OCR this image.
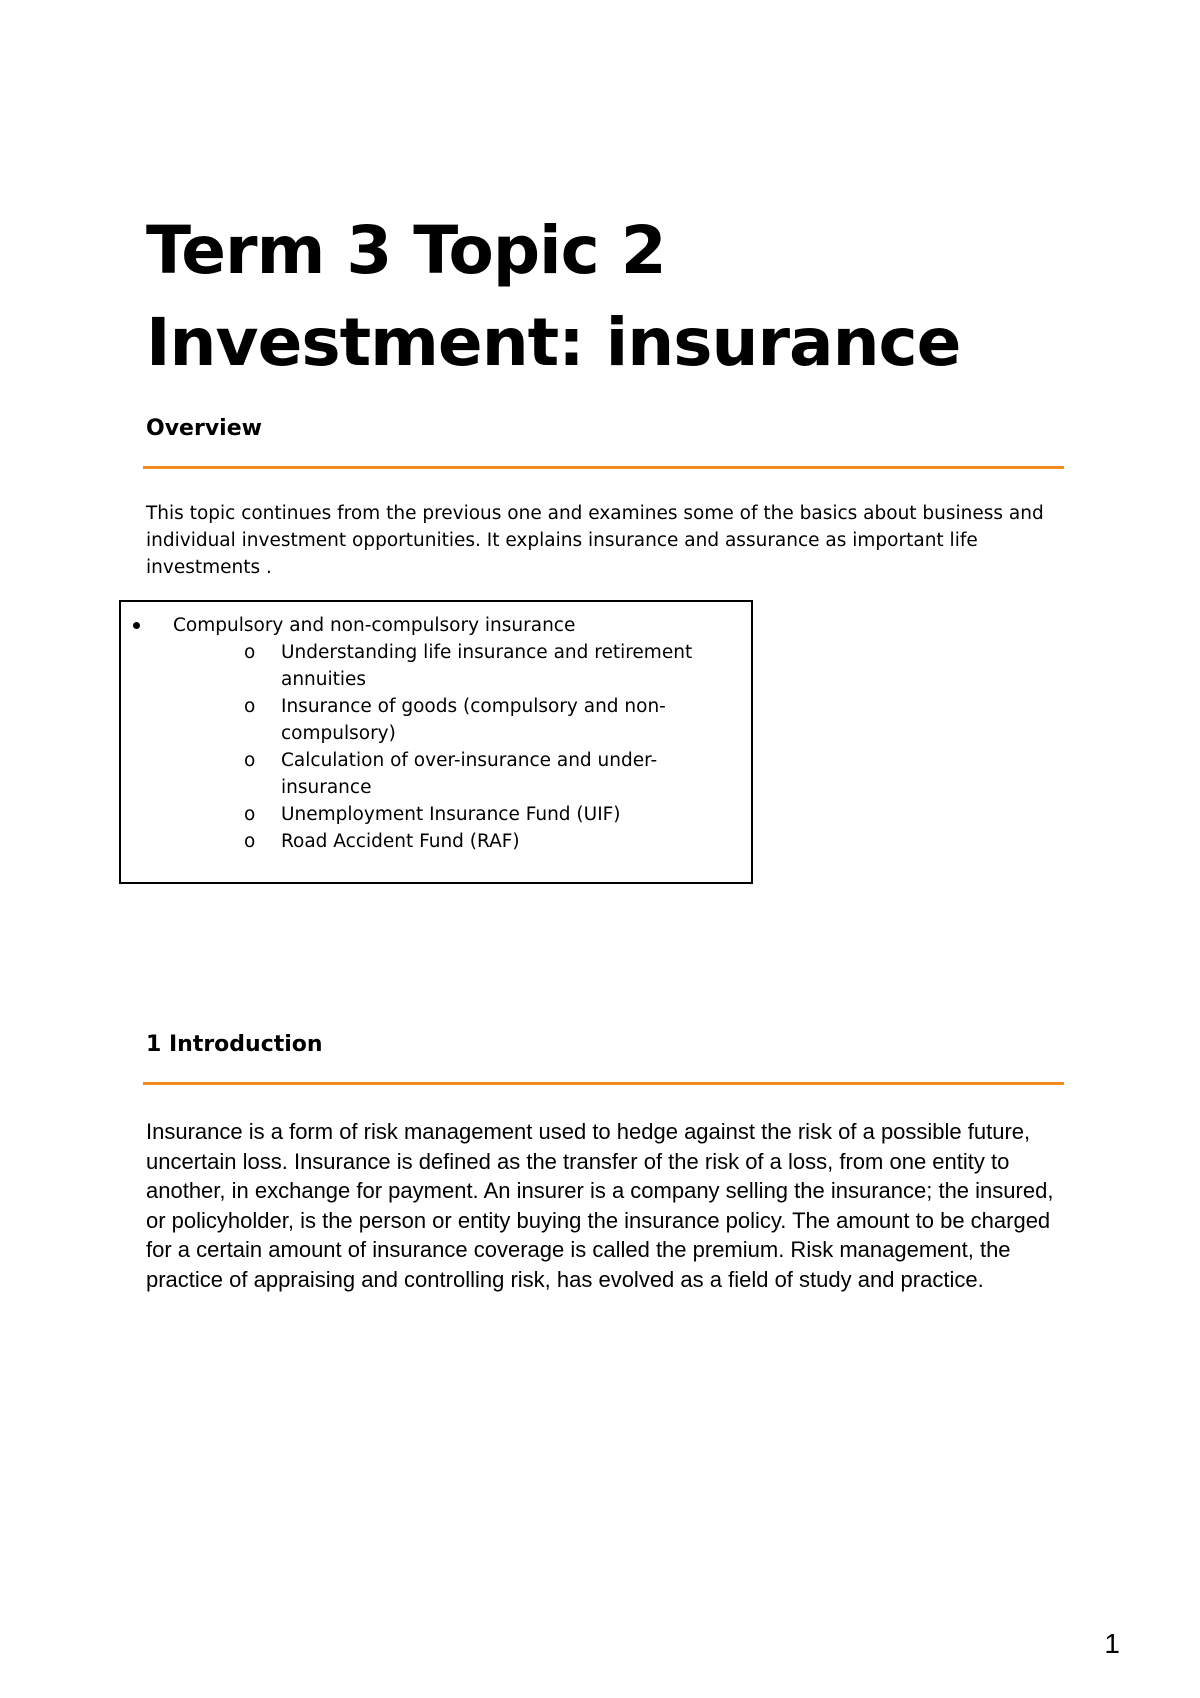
Term 3 Topic 2 Investment: insurance
Overview

This topic continues from the previous one and examines some of the basics about business and individual investment opportunities. It explains insurance and assurance as important life investments .

Compulsory and non-compulsory insurance
o Understanding life insurance and retirement annuities
o Insurance of goods (compulsory and non-compulsory)
o Calculation of over-insurance and under-insurance
o Unemployment Insurance Fund (UIF)
o Road Accident Fund (RAF)
1 Introduction

Insurance is a form of risk management used to hedge against the risk of a possible future, uncertain loss. Insurance is defined as the transfer of the risk of a loss, from one entity to another, in exchange for payment. An insurer is a company selling the insurance; the insured, or policyholder, is the person or entity buying the insurance policy. The amount to be charged for a certain amount of insurance coverage is called the premium. Risk management, the practice of appraising and controlling risk, has evolved as a field of study and practice.

1
